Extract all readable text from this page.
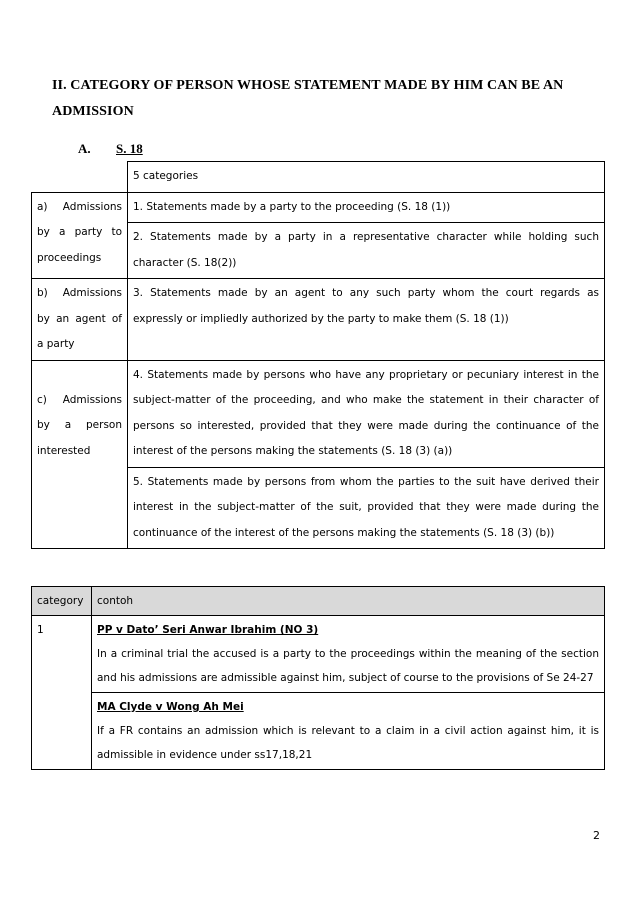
II. CATEGORY OF PERSON WHOSE STATEMENT MADE BY HIM CAN BE AN ADMISSION
A. S. 18
	5 categories
a) Admissions by a party to proceedings	1. Statements made by a party to the proceeding (S. 18 (1))
	2. Statements made by a party in a representative character while holding such character (S. 18(2))
b) Admissions by an agent of a party	3. Statements made by an agent to any such party whom the court regards as expressly or impliedly authorized by the party to make them (S. 18 (1))

c) Admissions by a person interested	4. Statements made by persons who have any proprietary or pecuniary interest in the subject-matter of the proceeding, and who make the statement in their character of persons so interested, provided that they were made during the continuance of the interest of the persons making the statements (S. 18 (3) (a))
	5. Statements made by persons from whom the parties to the suit have derived their interest in the subject-matter of the suit, provided that they were made during the continuance of the interest of the persons making the statements (S. 18 (3) (b))
category	contoh
1	PP v Dato’ Seri Anwar Ibrahim (NO 3)
In a criminal trial the accused is a party to the proceedings within the meaning of the section and his admissions are admissible against him, subject of course to the provisions of Se 24-27

	MA Clyde v Wong Ah Mei
If a FR contains an admission which is relevant to a claim in a civil action against him, it is admissible in evidence under ss17,18,21
2
